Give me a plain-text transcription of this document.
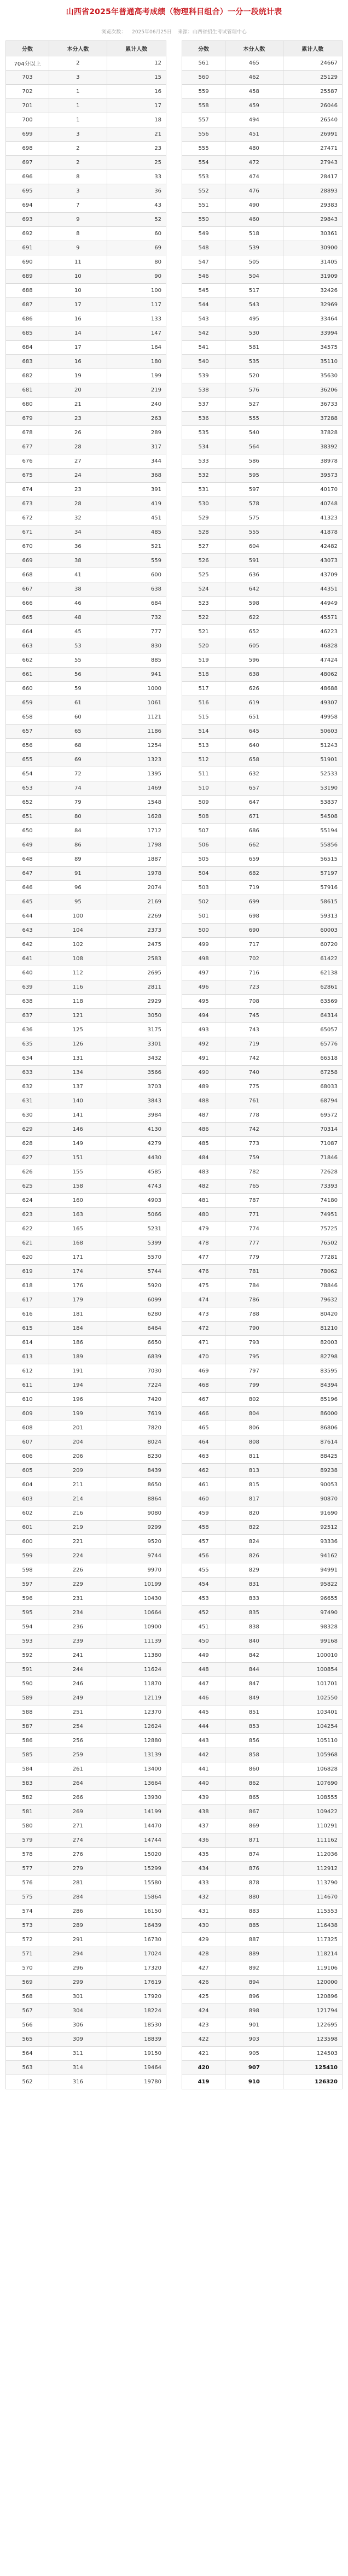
山西省2025年普通高考成绩（物理科目组合）一分一段统计表
浏览次数： 2025年06月25日 来源：山西省招生考试管理中心
分数	本分人数	累计人数
704分以上	2	12
703	3	15
702	1	16
701	1	17
700	1	18
699	3	21
698	2	23
697	2	25
696	8	33
695	3	36
694	7	43
693	9	52
692	8	60
691	9	69
690	11	80
689	10	90
688	10	100
687	17	117
686	16	133
685	14	147
684	17	164
683	16	180
682	19	199
681	20	219
680	21	240
679	23	263
678	26	289
677	28	317
676	27	344
675	24	368
674	23	391
673	28	419
672	32	451
671	34	485
670	36	521
669	38	559
668	41	600
667	38	638
666	46	684
665	48	732
664	45	777
663	53	830
662	55	885
661	56	941
660	59	1000
659	61	1061
658	60	1121
657	65	1186
656	68	1254
655	69	1323
654	72	1395
653	74	1469
652	79	1548
651	80	1628
650	84	1712
649	86	1798
648	89	1887
647	91	1978
646	96	2074
645	95	2169
644	100	2269
643	104	2373
642	102	2475
641	108	2583
640	112	2695
639	116	2811
638	118	2929
637	121	3050
636	125	3175
635	126	3301
634	131	3432
633	134	3566
632	137	3703
631	140	3843
630	141	3984
629	146	4130
628	149	4279
627	151	4430
626	155	4585
625	158	4743
624	160	4903
623	163	5066
622	165	5231
621	168	5399
620	171	5570
619	174	5744
618	176	5920
617	179	6099
616	181	6280
615	184	6464
614	186	6650
613	189	6839
612	191	7030
611	194	7224
610	196	7420
609	199	7619
608	201	7820
607	204	8024
606	206	8230
605	209	8439
604	211	8650
603	214	8864
602	216	9080
601	219	9299
600	221	9520
599	224	9744
598	226	9970
597	229	10199
596	231	10430
595	234	10664
594	236	10900
593	239	11139
592	241	11380
591	244	11624
590	246	11870
589	249	12119
588	251	12370
587	254	12624
586	256	12880
585	259	13139
584	261	13400
583	264	13664
582	266	13930
581	269	14199
580	271	14470
579	274	14744
578	276	15020
577	279	15299
576	281	15580
575	284	15864
574	286	16150
573	289	16439
572	291	16730
571	294	17024
570	296	17320
569	299	17619
568	301	17920
567	304	18224
566	306	18530
565	309	18839
564	311	19150
563	314	19464
562	316	19780
分数	本分人数	累计人数
561	465	24667
560	462	25129
559	458	25587
558	459	26046
557	494	26540
556	451	26991
555	480	27471
554	472	27943
553	474	28417
552	476	28893
551	490	29383
550	460	29843
549	518	30361
548	539	30900
547	505	31405
546	504	31909
545	517	32426
544	543	32969
543	495	33464
542	530	33994
541	581	34575
540	535	35110
539	520	35630
538	576	36206
537	527	36733
536	555	37288
535	540	37828
534	564	38392
533	586	38978
532	595	39573
531	597	40170
530	578	40748
529	575	41323
528	555	41878
527	604	42482
526	591	43073
525	636	43709
524	642	44351
523	598	44949
522	622	45571
521	652	46223
520	605	46828
519	596	47424
518	638	48062
517	626	48688
516	619	49307
515	651	49958
514	645	50603
513	640	51243
512	658	51901
511	632	52533
510	657	53190
509	647	53837
508	671	54508
507	686	55194
506	662	55856
505	659	56515
504	682	57197
503	719	57916
502	699	58615
501	698	59313
500	690	60003
499	717	60720
498	702	61422
497	716	62138
496	723	62861
495	708	63569
494	745	64314
493	743	65057
492	719	65776
491	742	66518
490	740	67258
489	775	68033
488	761	68794
487	778	69572
486	742	70314
485	773	71087
484	759	71846
483	782	72628
482	765	73393
481	787	74180
480	771	74951
479	774	75725
478	777	76502
477	779	77281
476	781	78062
475	784	78846
474	786	79632
473	788	80420
472	790	81210
471	793	82003
470	795	82798
469	797	83595
468	799	84394
467	802	85196
466	804	86000
465	806	86806
464	808	87614
463	811	88425
462	813	89238
461	815	90053
460	817	90870
459	820	91690
458	822	92512
457	824	93336
456	826	94162
455	829	94991
454	831	95822
453	833	96655
452	835	97490
451	838	98328
450	840	99168
449	842	100010
448	844	100854
447	847	101701
446	849	102550
445	851	103401
444	853	104254
443	856	105110
442	858	105968
441	860	106828
440	862	107690
439	865	108555
438	867	109422
437	869	110291
436	871	111162
435	874	112036
434	876	112912
433	878	113790
432	880	114670
431	883	115553
430	885	116438
429	887	117325
428	889	118214
427	892	119106
426	894	120000
425	896	120896
424	898	121794
423	901	122695
422	903	123598
421	905	124503
420	907	125410
419	910	126320
